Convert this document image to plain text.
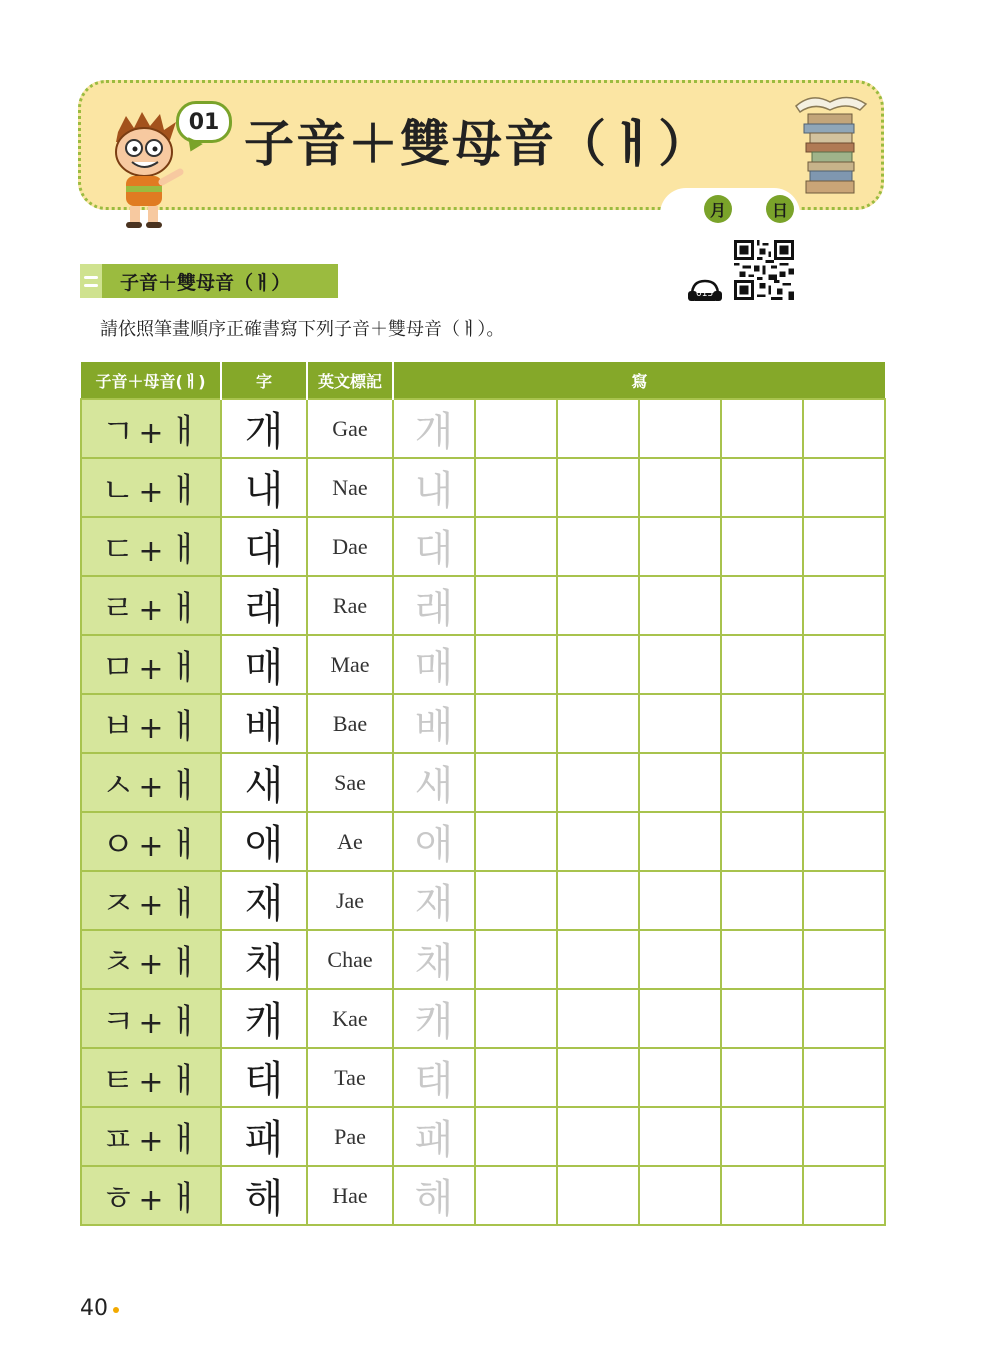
01 子音＋雙母音（ㅐ）
月	日
子音＋雙母音（ㅐ）
015
請依照筆畫順序正確書寫下列子音＋雙母音（ㅐ）。
子音＋母音(ㅐ)	字	英文標記	寫					
ㄱ + ㅐ	개	Gae	개					
ㄴ + ㅐ	내	Nae	내					
ㄷ + ㅐ	대	Dae	대					
ㄹ + ㅐ	래	Rae	래					
ㅁ + ㅐ	매	Mae	매					
ㅂ + ㅐ	배	Bae	배					
ㅅ + ㅐ	새	Sae	새					
ㅇ + ㅐ	애	Ae	애					
ㅈ + ㅐ	재	Jae	재					
ㅊ + ㅐ	채	Chae	채					
ㅋ + ㅐ	캐	Kae	캐					
ㅌ + ㅐ	태	Tae	태					
ㅍ + ㅐ	패	Pae	패					
ㅎ + ㅐ	해	Hae	해					
40
